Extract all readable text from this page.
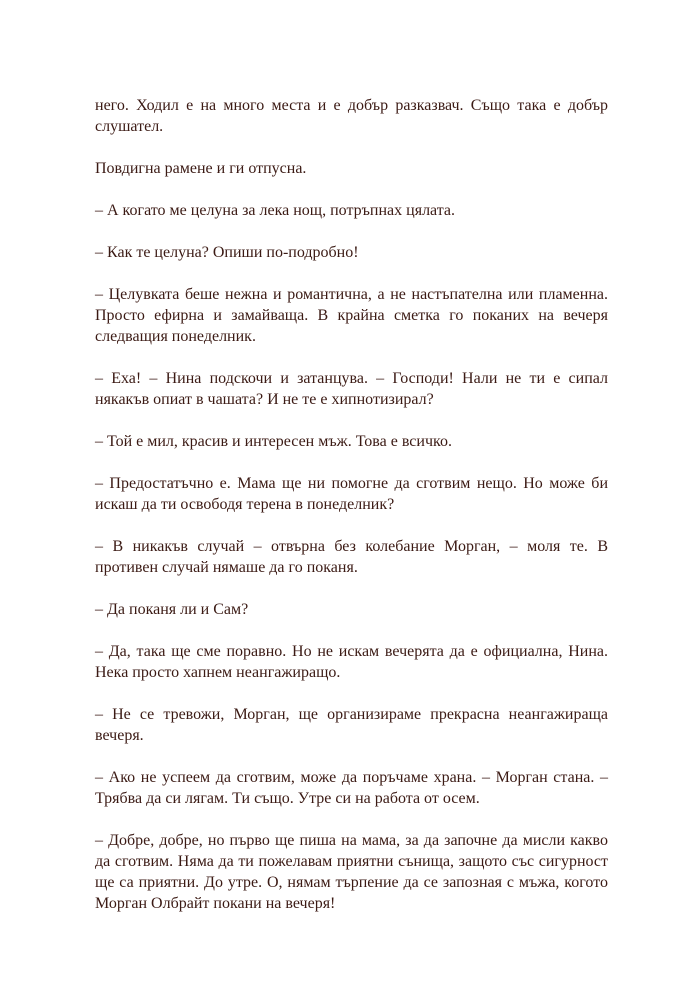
него. Ходил е на много места и е добър разказвач. Също така е добър слушател.

Повдигна рамене и ги отпусна.

– А когато ме целуна за лека нощ, потръпнах цялата.

– Как те целуна? Опиши по-подробно!

– Целувката беше нежна и романтична, а не настъпателна или пламенна. Просто ефирна и замайваща. В крайна сметка го поканих на вечеря следващия понеделник.

– Еха! – Нина подскочи и затанцува. – Господи! Нали не ти е сипал някакъв опиат в чашата? И не те е хипнотизирал?

– Той е мил, красив и интересен мъж. Това е всичко.

– Предостатъчно е. Мама ще ни помогне да сготвим нещо. Но може би искаш да ти освободя терена в понеделник?

– В никакъв случай – отвърна без колебание Морган, – моля те. В противен случай нямаше да го поканя.

– Да поканя ли и Сам?

– Да, така ще сме поравно. Но не искам вечерята да е официална, Нина. Нека просто хапнем неангажиращо.

– Не се тревожи, Морган, ще организираме прекрасна неангажираща вечеря.

– Ако не успеем да сготвим, може да поръчаме храна. – Морган стана. – Трябва да си лягам. Ти също. Утре си на работа от осем.

– Добре, добре, но първо ще пиша на мама, за да започне да мисли какво да сготвим. Няма да ти пожелавам приятни сънища, защото със сигурност ще са приятни. До утре. О, нямам търпение да се запозная с мъжа, когото Морган Олбрайт покани на вечеря!
